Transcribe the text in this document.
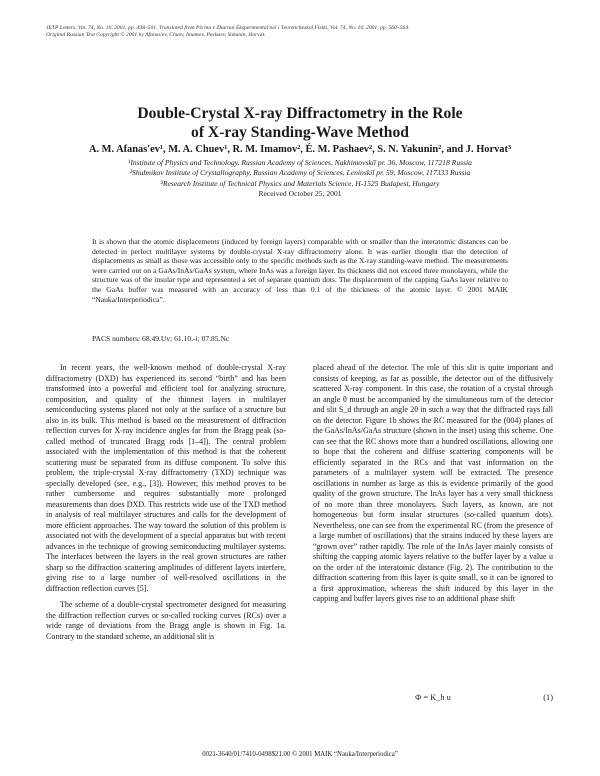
JETP Letters, Vol. 74, No. 10, 2001, pp. 498–501. Translated from Pis'ma v Zhurnal Éksperimental'noĭ i Teoreticheskoĭ Fiziki, Vol. 74, No. 10, 2001, pp. 560–564.
Original Russian Text Copyright © 2001 by Afanas'ev, Chuev, Imamov, Pashaev, Yakunin, Horvat.
Double-Crystal X-ray Diffractometry in the Role
of X-ray Standing-Wave Method
A. M. Afanas'ev¹, M. A. Chuev¹, R. M. Imamov², É. M. Pashaev², S. N. Yakunin², and J. Horvat³
¹Institute of Physics and Technology, Russian Academy of Sciences, Nakhimovskiĭ pr. 36, Moscow, 117218 Russia
²Shubnikov Institute of Crystallography, Russian Academy of Sciences, Leninskiĭ pr. 59, Moscow, 117333 Russia
³Research Institute of Technical Physics and Materials Science, H-1525 Budapest, Hungary
Received October 25, 2001
It is shown that the atomic displacements (induced by foreign layers) comparable with or smaller than the interatomic distances can be detected in perfect multilayer systems by double-crystal X-ray diffractometry alone. It was earlier thought that the detection of displacements as small as those was accessible only to the specific methods such as the X-ray standing-wave method. The measurements were carried out on a GaAs/InAs/GaAs system, where InAs was a foreign layer. Its thickness did not exceed three monolayers, while the structure was of the insular type and represented a set of separate quantum dots. The displacement of the capping GaAs layer relative to the GaAs buffer was measured with an accuracy of less than 0.1 of the thickness of the atomic layer. © 2001 MAIK “Nauka/Interperiodica”.
PACS numbers: 68.49.Uv; 61.10.-i; 07.85.Nc

In recent years, the well-known method of double-crystal X-ray diffractometry (DXD) has experienced its second “birth” and has been transformed into a powerful and efficient tool for analyzing structure, composition, and quality of the thinnest layers in multilayer semiconducting systems placed not only at the surface of a structure but also in its bulk. This method is based on the measurement of diffraction reflection curves for X-ray incidence angles far from the Bragg peak (so-called method of truncated Bragg rods [1–4]). The central problem associated with the implementation of this method is that the coherent scattering must be separated from its diffuse component. To solve this problem, the triple-crystal X-ray diffractometry (TXD) technique was specially developed (see, e.g., [3]). However, this method proves to be rather cumbersome and requires substantially more prolonged measurements than does DXD. This restricts wide use of the TXD method in analysis of real multilayer structures and calls for the development of more efficient approaches. The way toward the solution of this problem is associated not with the development of a special apparatus but with recent advances in the technique of growing semiconducting multilayer systems. The interfaces between the layers in the real grown structures are rather sharp so the diffraction scattering amplitudes of different layers interfere, giving rise to a large number of well-resolved oscillations in the diffraction reflection curves [5].

The scheme of a double-crystal spectrometer designed for measuring the diffraction reflection curves or so-called rocking curves (RCs) over a wide range of deviations from the Bragg angle is shown in Fig. 1a. Contrary to the standard scheme, an additional slit is

placed ahead of the detector. The role of this slit is quite important and consists of keeping, as far as possible, the detector out of the diffusively scattered X-ray component. In this case, the rotation of a crystal through an angle θ must be accompanied by the simultaneous turn of the detector and slit S_d through an angle 2θ in such a way that the diffracted rays fall on the detector. Figure 1b shows the RC measured for the (004) planes of the GaAs/InAs/GaAs structure (shown in the inset) using this scheme. One can see that the RC shows more than a hundred oscillations, allowing one to hope that the coherent and diffuse scattering components will be efficiently separated in the RCs and that vast information on the parameters of a multilayer system will be extracted. The presence oscillations in number as large as this is evidence primarily of the good quality of the grown structure. The InAs layer has a very small thickness of no more than three monolayers. Such layers, as known, are not homogeneous but form insular structures (so-called quantum dots). Nevertheless, one can see from the experimental RC (from the presence of a large number of oscillations) that the strains induced by these layers are “grown over” rather rapidly. The role of the InAs layer mainly consists of shifting the capping atomic layers relative to the buffer layer by a value u on the order of the interatomic distance (Fig. 2). The contribution to the diffraction scattering from this layer is quite small, so it can be ignored to a first approximation, whereas the shift induced by this layer in the capping and buffer layers gives rise to an additional phase shift

Φ = K_h u	(1)
0021-3640/01/7410-0498$21.00 © 2001 MAIK “Nauka/Interperiodica”
